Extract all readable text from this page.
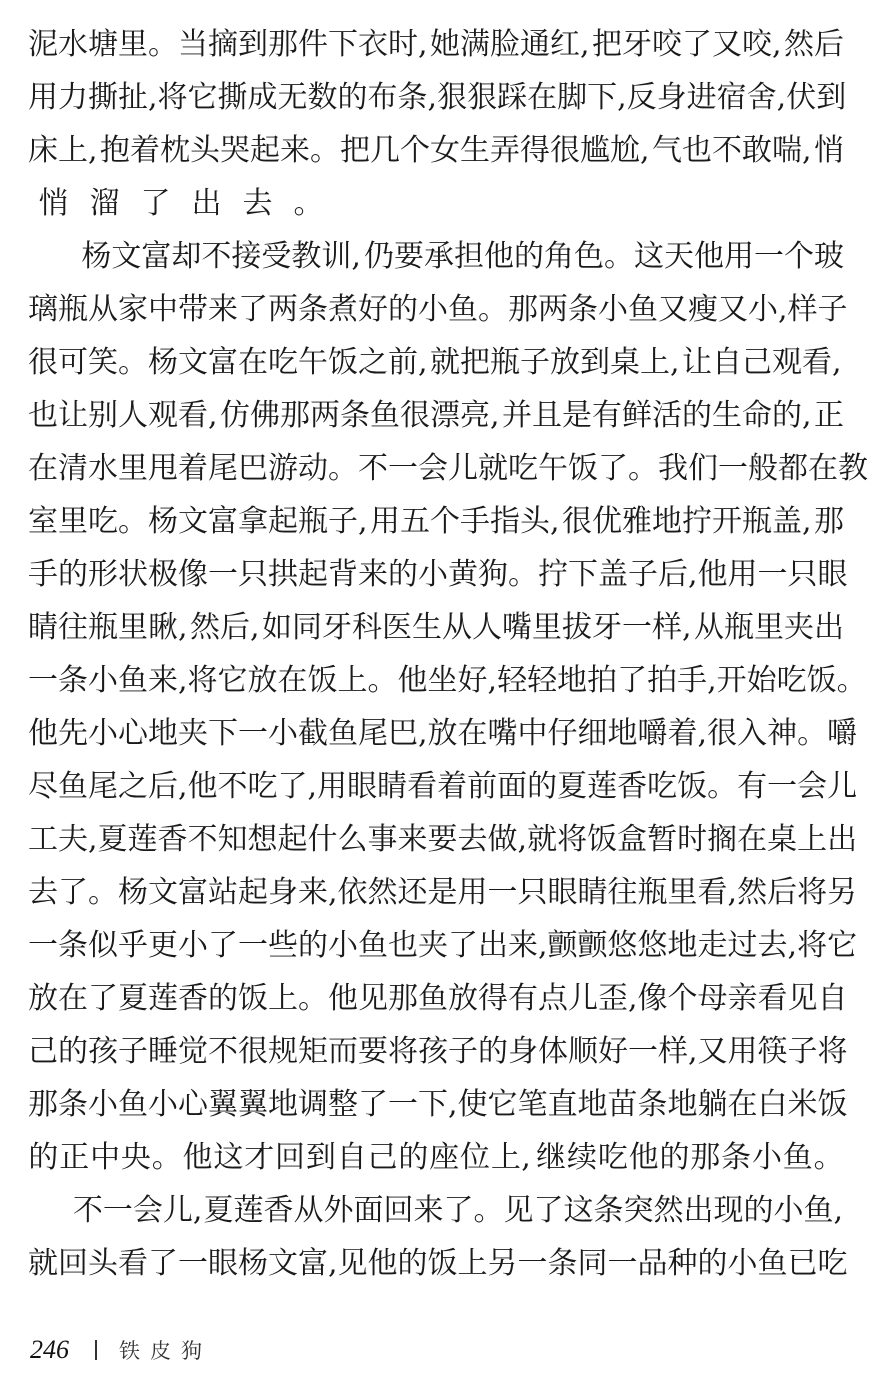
泥 水 塘 里 。 当 摘 到 那 件 下 衣 时 , 她 满 脸 通 红 , 把 牙 咬 了 又 咬 , 然 后
用 力 撕 扯 , 将 它 撕 成 无 数 的 布 条 , 狠 狠 踩 在 脚 下 , 反 身 进 宿 舍 , 伏 到
床 上 , 抱 着 枕 头 哭 起 来 。 把 几 个 女 生 弄 得 很 尴 尬 , 气 也 不 敢 喘 , 悄
悄 溜 了 出 去 。
杨 文 富 却 不 接 受 教 训 , 仍 要 承 担 他 的 角 色 。 这 天 他 用 一 个 玻
璃 瓶 从 家 中 带 来 了 两 条 煮 好 的 小 鱼 。 那 两 条 小 鱼 又 瘦 又 小 , 样 子
很 可 笑 。 杨 文 富 在 吃 午 饭 之 前 , 就 把 瓶 子 放 到 桌 上 , 让 自 己 观 看 ,
也 让 别 人 观 看 , 仿 佛 那 两 条 鱼 很 漂 亮 , 并 且 是 有 鲜 活 的 生 命 的 , 正
在 清 水 里 甩 着 尾 巴 游 动 。 不 一 会 儿 就 吃 午 饭 了 。 我 们 一 般 都 在 教
室 里 吃 。 杨 文 富 拿 起 瓶 子 , 用 五 个 手 指 头 , 很 优 雅 地 拧 开 瓶 盖 , 那
手 的 形 状 极 像 一 只 拱 起 背 来 的 小 黄 狗 。 拧 下 盖 子 后 , 他 用 一 只 眼
睛 往 瓶 里 瞅 , 然 后 , 如 同 牙 科 医 生 从 人 嘴 里 拔 牙 一 样 , 从 瓶 里 夹 出
一 条 小 鱼 来 , 将 它 放 在 饭 上 。 他 坐 好 , 轻 轻 地 拍 了 拍 手 , 开 始 吃 饭 。
他 先 小 心 地 夹 下 一 小 截 鱼 尾 巴 , 放 在 嘴 中 仔 细 地 嚼 着 , 很 入 神 。 嚼
尽 鱼 尾 之 后 , 他 不 吃 了 , 用 眼 睛 看 着 前 面 的 夏 莲 香 吃 饭 。 有 一 会 儿
工 夫 , 夏 莲 香 不 知 想 起 什 么 事 来 要 去 做 , 就 将 饭 盒 暂 时 搁 在 桌 上 出
去 了 。 杨 文 富 站 起 身 来 , 依 然 还 是 用 一 只 眼 睛 往 瓶 里 看 , 然 后 将 另
一 条 似 乎 更 小 了 一 些 的 小 鱼 也 夹 了 出 来 , 颤 颤 悠 悠 地 走 过 去 , 将 它
放 在 了 夏 莲 香 的 饭 上 。 他 见 那 鱼 放 得 有 点 儿 歪 , 像 个 母 亲 看 见 自
己 的 孩 子 睡 觉 不 很 规 矩 而 要 将 孩 子 的 身 体 顺 好 一 样 , 又 用 筷 子 将
那 条 小 鱼 小 心 翼 翼 地 调 整 了 一 下 , 使 它 笔 直 地 苗 条 地 躺 在 白 米 饭
的 正 中 央 。 他 这 才 回 到 自 己 的 座 位 上 , 继 续 吃 他 的 那 条 小 鱼 。
不 一 会 儿 , 夏 莲 香 从 外 面 回 来 了 。 见 了 这 条 突 然 出 现 的 小 鱼 ,
就 回 头 看 了 一 眼 杨 文 富 , 见 他 的 饭 上 另 一 条 同 一 品 种 的 小 鱼 已 吃
246 铁皮狗
